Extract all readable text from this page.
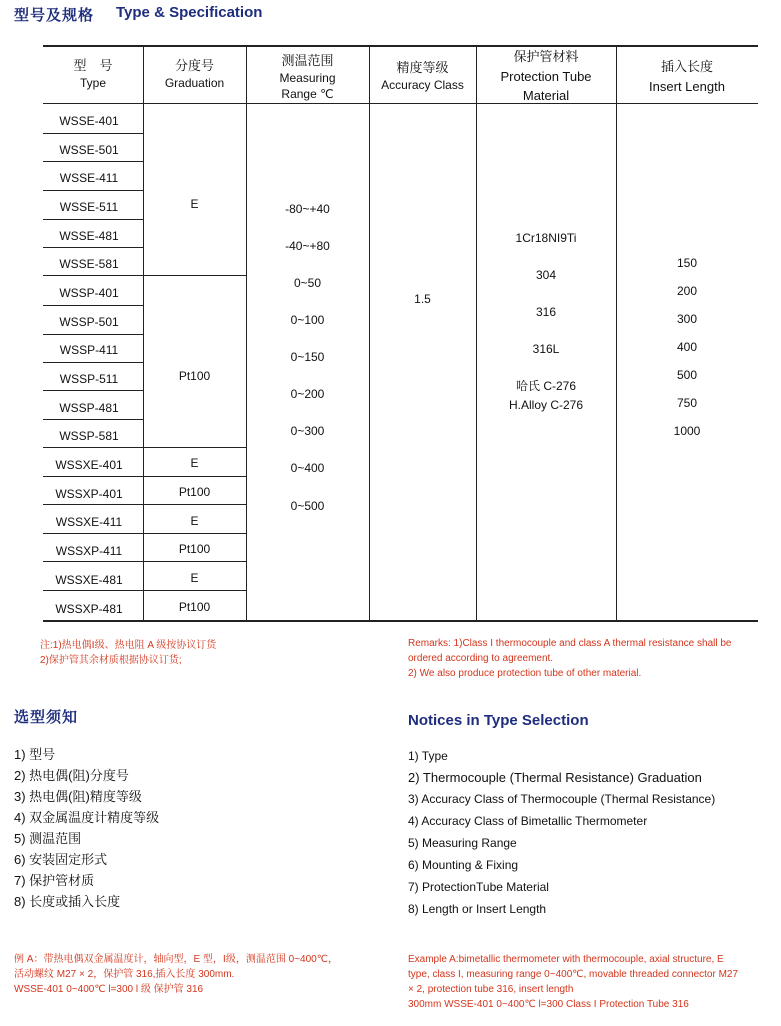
型号及规格 Type & Specification
型　号
Type
分度号
Graduation
测温范围
Measuring
Range ℃
精度等级
Accuracy Class
保护管材料
Protection Tube
Material
插入长度
Insert Length
WSSE-401
WSSE-501
WSSE-411
WSSE-511
WSSE-481
WSSE-581
WSSP-401
WSSP-501
WSSP-411
WSSP-511
WSSP-481
WSSP-581
WSSXE-401
WSSXP-401
WSSXE-411
WSSXP-411
WSSXE-481
WSSXP-481
E
Pt100
E
Pt100
E
Pt100
E
Pt100
-80~+40
-40~+80
0~50
0~100
0~150
0~200
0~300
0~400
0~500
1.5
1Cr18NI9Ti
304
316
316L
哈氏 C-276
H.Alloy C-276
150
200
300
400
500
750
1000
注:1)热电偶Ⅰ级、热电阻 A 级按协议订货
2)保护管其余材质根据协议订货;
Remarks: 1)Class I thermocouple and class A thermal resistance shall be
ordered according to agreement.
2) We also produce protection tube of other material.
选型须知	Notices in Type Selection
1) 型号
2) 热电偶(阻)分度号
3) 热电偶(阻)精度等级
4) 双金属温度计精度等级
5) 测温范围
6) 安装固定形式
7) 保护管材质
8) 长度或插入长度
1) Type
2) Thermocouple (Thermal Resistance) Graduation
3) Accuracy Class of Thermocouple (Thermal Resistance)
4) Accuracy Class of Bimetallic Thermometer
5) Measuring Range
6) Mounting & Fixing
7) ProtectionTube Material
8) Length or Insert Length
例 A：带热电偶双金属温度计，轴向型，E 型，Ⅰ级，测温范围 0~400℃，
活动螺纹 M27 × 2，保护管 316,插入长度 300mm.
WSSE-401 0~400℃ l=300 l 级 保护管 316
Example A:bimetallic thermometer with thermocouple, axial structure, E
type, class I, measuring range 0~400℃, movable threaded connector M27
× 2, protection tube 316, insert length
300mm WSSE-401 0~400℃ l=300 Class I Protection Tube 316
